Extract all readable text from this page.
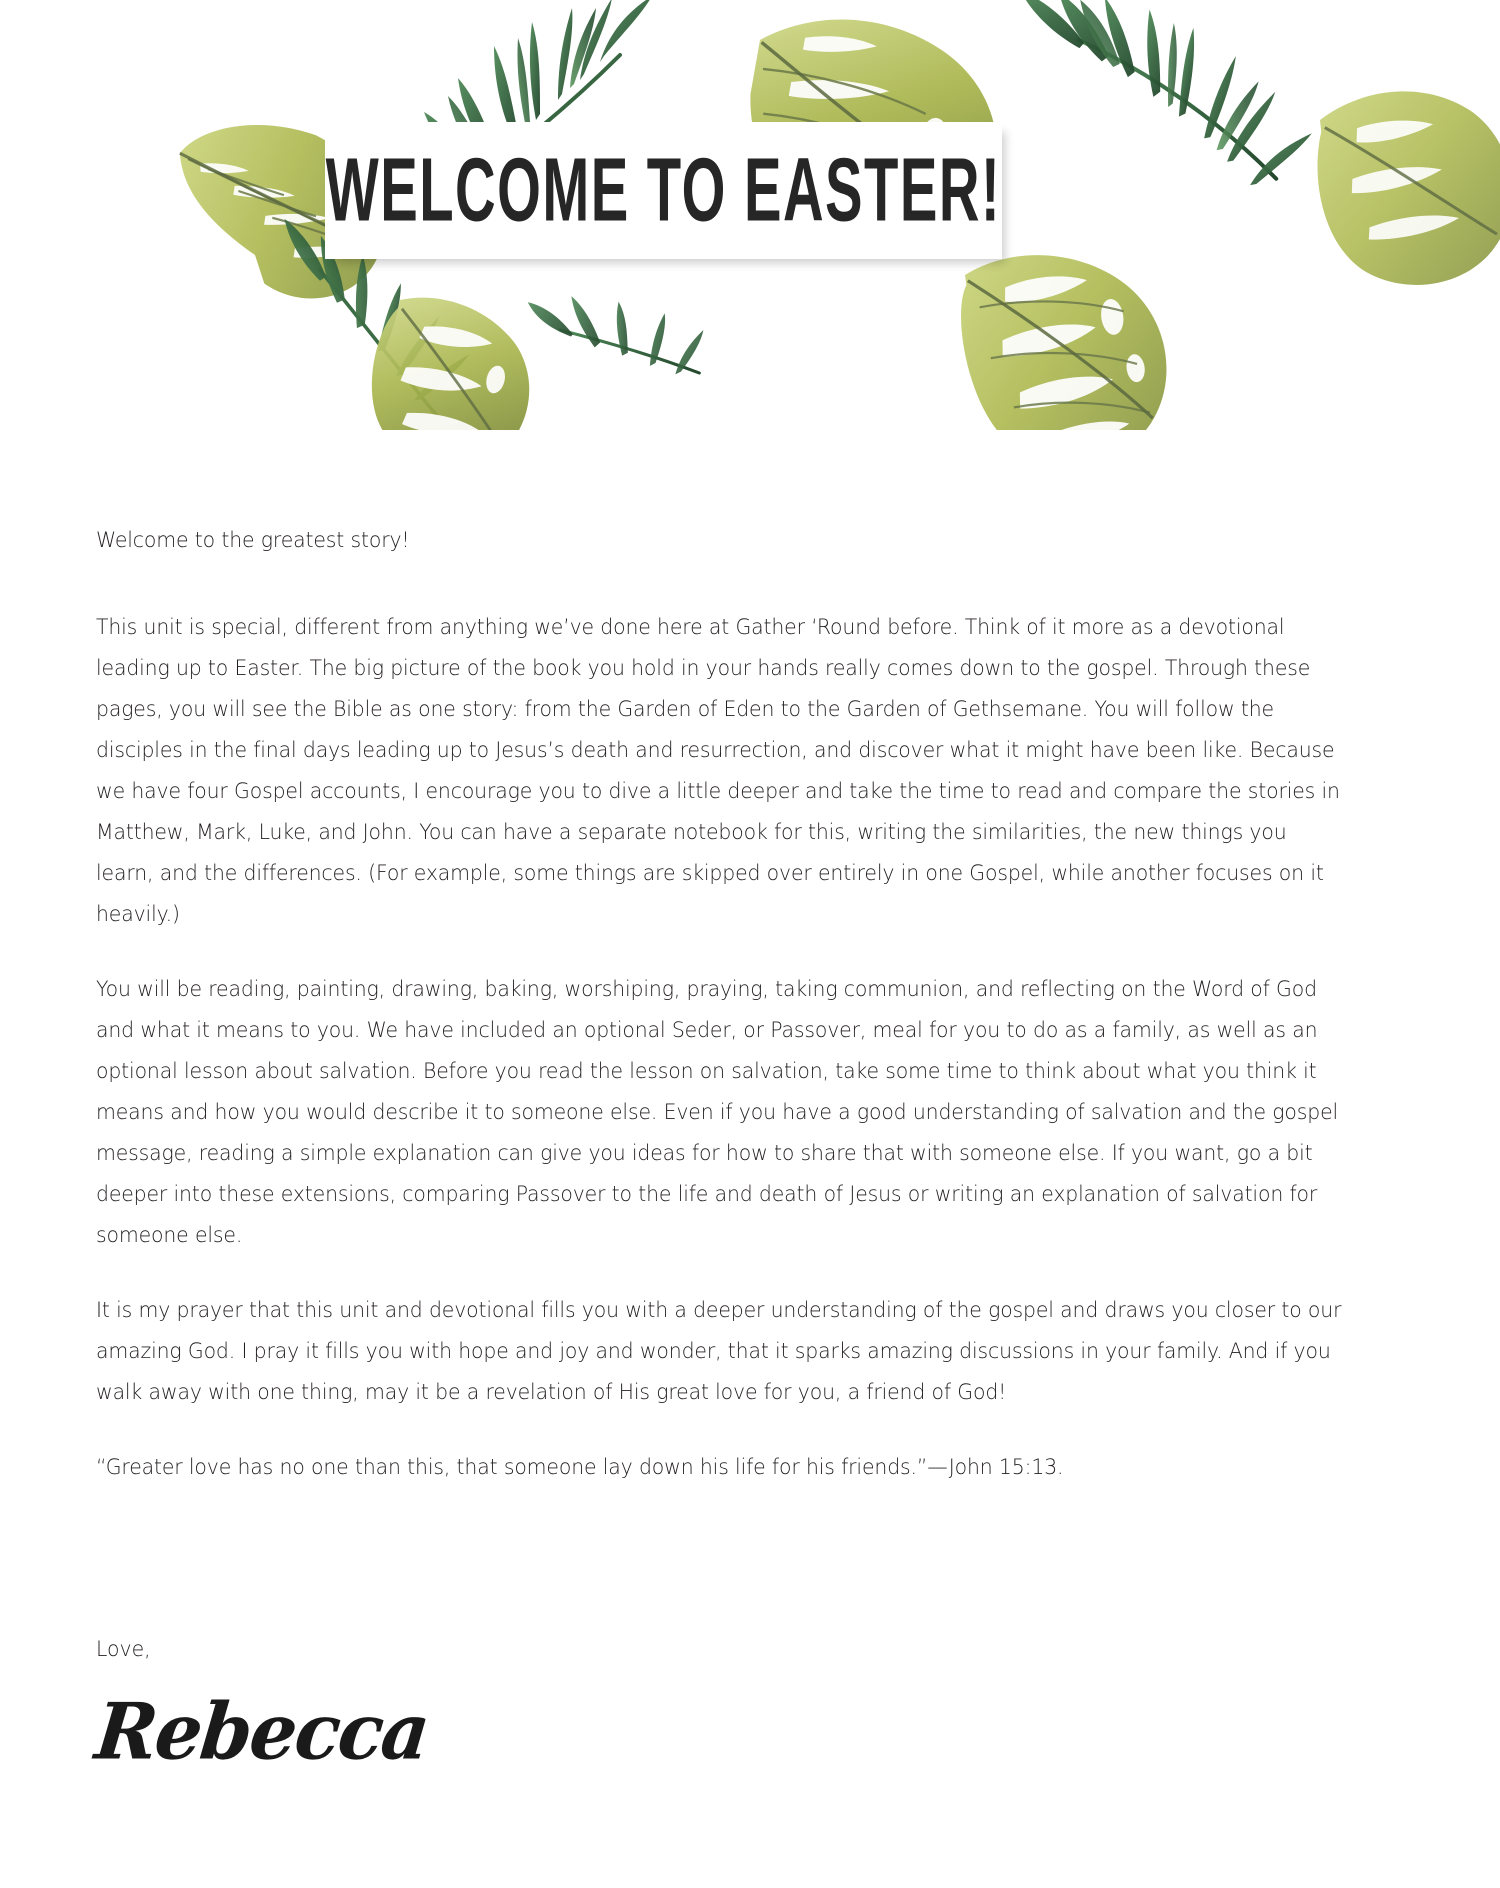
WELCOME TO EASTER!

Welcome to the greatest story!

This unit is special, different from anything we’ve done here at Gather ‘Round before. Think of it more as a devotional leading up to Easter. The big picture of the book you hold in your hands really comes down to the gospel. Through these pages, you will see the Bible as one story: from the Garden of Eden to the Garden of Gethsemane. You will follow the disciples in the final days leading up to Jesus’s death and resurrection, and discover what it might have been like. Because we have four Gospel accounts, I encourage you to dive a little deeper and take the time to read and compare the stories in Matthew, Mark, Luke, and John. You can have a separate notebook for this, writing the similarities, the new things you learn, and the differences. (For example, some things are skipped over entirely in one Gospel, while another focuses on it heavily.)

You will be reading, painting, drawing, baking, worshiping, praying, taking communion, and reflecting on the Word of God and what it means to you. We have included an optional Seder, or Passover, meal for you to do as a family, as well as an optional lesson about salvation. Before you read the lesson on salvation, take some time to think about what you think it means and how you would describe it to someone else. Even if you have a good understanding of salvation and the gospel message, reading a simple explanation can give you ideas for how to share that with someone else. If you want, go a bit deeper into these extensions, comparing Passover to the life and death of Jesus or writing an explanation of salvation for someone else.

It is my prayer that this unit and devotional fills you with a deeper understanding of the gospel and draws you closer to our amazing God. I pray it fills you with hope and joy and wonder, that it sparks amazing discussions in your family. And if you walk away with one thing, may it be a revelation of His great love for you, a friend of God!

“Greater love has no one than this, that someone lay down his life for his friends.”—John 15:13.

Love,
Rebecca
